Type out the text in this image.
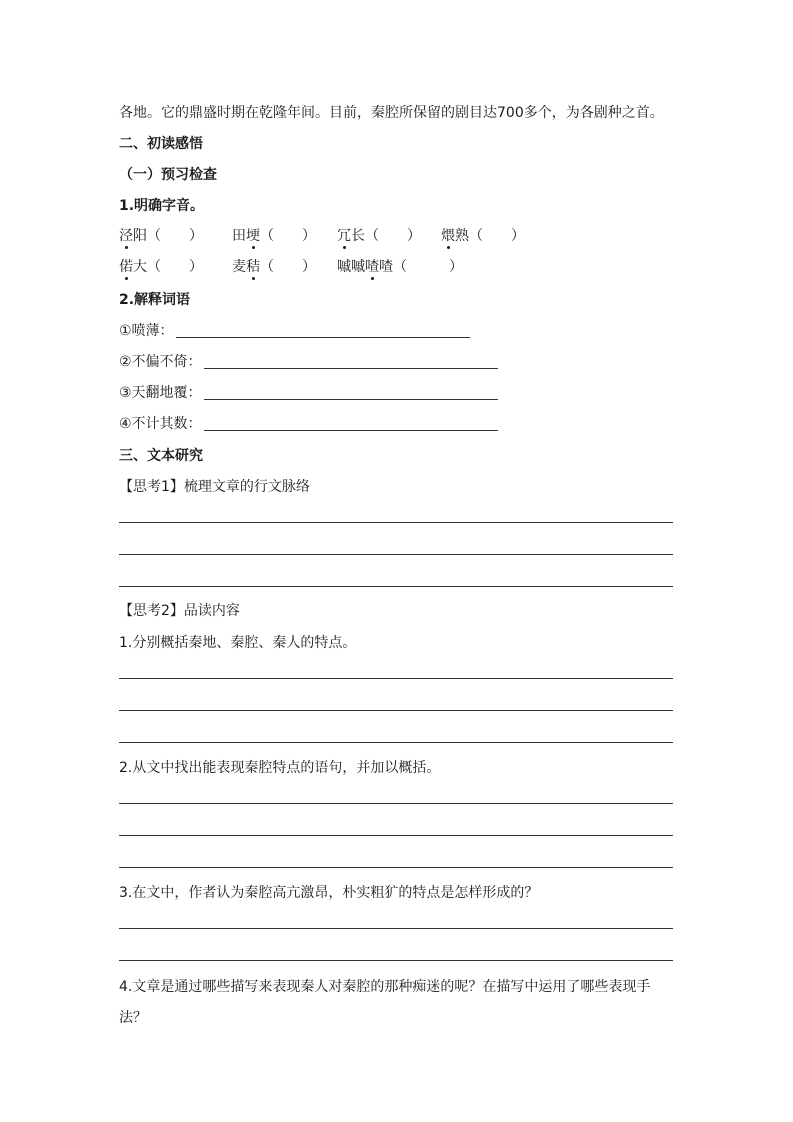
各地。它的鼎盛时期在乾隆年间。目前，秦腔所保留的剧目达700多个，为各剧种之首。
二、初读感悟
（一）预习检查
1.明确字音。
泾阳（　　） 田埂（　　） 冗长（　　） 煨熟（　　）
偌大（　　） 麦秸（　　） 嘁嘁喳喳（　　　）
2.解释词语
①喷薄：
②不偏不倚：
③天翻地覆：
④不计其数：
三、文本研究
【思考1】梳理文章的行文脉络
【思考2】品读内容
1.分别概括秦地、秦腔、秦人的特点。
2.从文中找出能表现秦腔特点的语句，并加以概括。
3.在文中，作者认为秦腔高亢激昂，朴实粗犷的特点是怎样形成的？
4.文章是通过哪些描写来表现秦人对秦腔的那种痴迷的呢？在描写中运用了哪些表现手
法？
